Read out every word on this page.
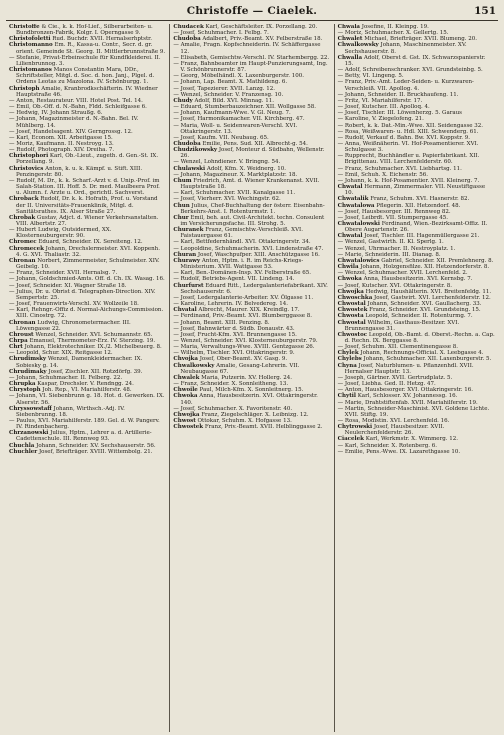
Christoffe — Ciaelek.	151
Christoffe & Cie., k. k. Hof-Lief., Silberarbeiten- u. Bundbronzen-Fabrik, Kolgr. I. Operngasse 9.
Christofoletti Rud. Buchdr. XVII. Hernalserhptstr.
Christomanno Em. R., Kassa-u. Contr., Secr. d. gr. orient. Gemeinde St. Georg. II. Mittlerbrunnstraße 9.
— Stefanie, Privat-Erbeinschule für Kundfkleiderei. II. Lilienbrunnog. 3.
Christomanos Manos Constantin Mara, DDr., Schriftsteller, Mitgl. d. Soc. d. hon. Janj., Plgel. d. Ordens Leotas zu Mazolona. IV. Schönburgg. 1.
Christoph Amalie, Kranbrodkschäfterin. IV. Wiedner Hauptstraße 46.
— Anton, Restaurateur. VIII. Hotel Post. Tel. 14.
— Emil, Ob.-Off. d. N.-Bahn, Fldd. Schleifgasse 6.
— Hedwig, IV. Johann Straußg. 6.
— Johann, Magazinmeister d. N.-Bahn. Bel. IV. Mühlberg. 14.
— Josef, Handelsagent. XIV. Gerngrossg. 12.
— Karl, Econom. XII. Arbeitgasse 15.
— Moriz, Kaufmann. II. Nestroyg. 13.
— Rudolf, Photograph. XIV. Dreiha. 7.
Christophori Karl, Ob.-Lieut., zugeth. d. Gen.-St. IX. Porzellang. 9.
Christovics Anton, k. u. k. Kämpf. u. Stift. XIII. Penzingerstr. 80.
— Rudolf, M. Dr., k. k. Scharf.-Arzt v. d. Unip.-Prof. im Salah-Station. III. Hoff. 5. Dr. med. Maulbeera Prof. u. Alumn. f. Arzte u. Ord., gerichtl. Sachverst.
Chroback Rudolf, Dr. k. k. Hofrath, Prof. u. Vorstand der II. Universitäts-Frauenklinik, Mitgl. d. Sanitätsrathes. IX. Alser Straße 27.
Chrobak Gustav, Adjct. d. Wiener Verkehrsanstalten. VIII. Albertstr. 27.
— Hubert Ludwig, Outsidermed, XX. Klosterneuburgerstr. 90.
Chromec Eduard, Schneider. IX. Sereiteng. 12.
Chromecek Johann, Drechslermeister. XVI. Koppenh. 4. G. XVI. Thaliastr. 32.
Chronan Norbert, Zimmermeister, Schulmeister. XIV. Geibelg. 10.
— Franz, Schneider. XVII. Hernalsg. 7.
— Johann, Goldschmied-Amts. Off. d. Ch. IX. Wasag. 16.
— Josef, Schneider. XI. Wagner Straße 18.
— Julius, Dr. u. Obrist d. Telegraphen-Direction. XIV. Sempertstr. 25.
— Josef, Frauenwirts-Verschl. XV. Wollzeile 18.
— Karl, Rehngr.-Offiz d. Normal-Aichungs-Commission. XIII. Cinostrg. 72.
Chronan Ludwig, Chronometermacher. III. Löwengasse 22.
Chroust Wenzel, Schneider. XVI. Schumannstr. 65.
Chrpa Emanuel, Thermometer-Erz. IV. Sterzing. 19.
Chrt Johann, Elektrotechniker. IX./2. Michelbeuerg. 8.
— Leopold, Schur. XIX. Reitgasse 12.
Chrudimsky Wenzel, Damenkleidermacher. IX. Sobiesky g. 14.
Chrudimaky Josef, Zischler. XII. Rotzdörfg. 39.
— Johann, Schuhmacher. II. Felberg. 22.
Chrupka Kaspar, Drechsler. V. Rendngg. 24.
Chrystoph Joh. Rep., VI. Mariahilferstr. 48.
— Johann, VI. Siebenbrunn g. 18. Hot. d. Gewerken. IX. Alserstr. 56.
Chryssowstaff Johann, Wirthsch.-Adj. IV. Siebenbrunng. 18.
— Paulus, XVI. Mariahilferstr. 189. Gel. d. W. Pangerv. IV. Rindenbacherg.
Chrzanowski Julius, Hptm., Lehrer a. d. Artillerie-Cadettenschule. III. Rennweg 93.
Chuchla Johann, Schneider. XV. Sechshauserstr. 56.
Chuchler Josef, Briefträger. XVIII. Wittembolg. 21.
Chudacek Karl, Geschäftsleiter. IX. Porzellang. 20.
— Josef, Schuhmacher. I. Felbg. 7.
Chudoba Adalbert, Priv.-Beamt. XV. Felberstraße 18.
— Amalie, Fragn. Kopfschneiderin. IV. Schäffergasse 12.
— Elisabeth, Gemischtw.-Verschl. IV. Starhembergg. 22.
— Franz, Bahnbeamter im Haupt-Punzierungsamt, Ing. V. Schönbrunnerstr. 87.
— Georg, Möbelhändl. X. Laxenburgerstr. 100.
— Johann, Lap. Beamt. X. Mathildeng. 6.
— Josef, Tapezierer. XVII. Lanzg. 12.
— Wenzel, Schneider. V. Franzensg. 10.
Chudy Adolf, Bild. XVI. Minnag. 11.
— Eduard, Stumberbauzeichner. XII. Wollgasse 58.
— Johann, Kaufmann-Wwe. V. Gl. Neug. 7.
— Josef, Harmonikamacher. VII. Kirchberg. 47.
— Maria, Woll- u. Seidenwaren-Verschl. XVI. Ottakringerstr. 13.
— Josef, Kaufm. VII. Neubaug. 65.
Chudoba Emilie, Pens. Sud. XII. Albrecht-g. 54.
Chudzikowsky Josef, Monteur d. Südbahn, Wellenstr. 26.
— Wenzel, Lohndiener. V. Bringng. 54.
Chulawski Adolf, Kfm. X. Weidnerg. 10.
— Johann, Magazineur. X. Marktplatzstr. 18.
Chum Friedrich, Amt. d. Wiener Krankenanst. XVII. Hauptstraße 18.
— Karl, Schuhmacher. XVII. Kanalgasse 11.
— Josef, Vierherr. XVI. Wechingstr. 62.
Chun Julius, Chef-Buchhaltung der österr. Eisenbahn-Berkehrs-Anst. I. Rotenturmstr. 1.
Chur Emil, beh. aut. Civil-Architekt. techn. Consulent im Versicherungsfache. III. Strohg. 5.
Churanek Franz, Gemischtw.-Verschleiß. XVI. Faistauergasse 61.
— Karl, Bettfedernhändl. XVI. Ottakringerstr. 34.
— Leopoldine, Schuhmacherin. XVI. Lindenstraße 47.
Churan Josef, Waschpufper. XIII. Anschützgasse 16.
Churawy Anton, Hptm. i. R. im Reichs-Kriegs-Ministerium. XVII. Wattgasse 53.
— Karl, Ben.-Domänen-Insp. XV. Felberstraße 65.
— Rudolf, Betriebs-Agent. VII. Lindeng. 14.
Churfurst Eduard Ritt., Ledergalanteriefabrikant. XIV. Sechshauserstr. 6.
— Josef, Ledergalanterie-Arbeiter. XV. Ölgasse 11.
— Karoline, Lehrerin. IV. Belvedereg. 14.
Chvatal Albrecht, Maurer. XIX. Kreindlg. 17.
— Ferdinand, Priv.-Beamt. XVI. Blumberggasse 8.
— Johann, Beamt. XIII. Penzing. 8.
— Josef, Bahnwärter d. Südb. Donaustr. 43.
— Josef, Frucht-Kfm. XVI. Brunnengasse 15.
— Wenzel, Schneider. XVI. Klosterneuburgerstr. 79.
— Maria, Verwaltungs-Wwe. XVIII. Gentzgasse 26.
— Wilhelm, Tischler. XVI. Ottakringerstr. 9.
Chvojka Josef, Ober-Beamt. XV. Gasg. 9.
Chwalkowsky Amalie, Gesang-Lehrerin. VII. Neubaugasse 67.
Chwalek Maria, Putzerin. XV. Hollerg. 24.
— Franz, Schneider. X. Sonnleitheng. 13.
Chwoile Paul, Milch-Kfm. X. Sonnleitnerg. 15.
Chwoka Anna, Hausbesitzerin. XVI. Ottakringerstr. 140.
— Josef, Schuhmacher. X. Favoritenstr. 40.
Chwojka Franz, Ziegelschläger. X. Leibnizg. 12.
Chwost Ottokar, Schuhm. X. Hofgasse 13.
Chwostek Franz, Priv.-Beamt. XVII. Helblinggasse 2.
Chwala Josefine, II. Kleinpg. 19.
— Moriz, Schuhmacher. X. Gellertg. 15.
Chwalet Michael, Briefträger. XVII. Blumeng. 20.
Chwalkowsky Johann, Maschinenmeister. XV. Sechshauserstr. 8.
Chwalla Adolf, Oberst d. Gst. IX. Schwarzspanierstr. 15.
— Adolf, Schreibenschranker. XVI. Grundsteinbg. 5.
— Betty, VI. Lingeng. 5.
— Franz, Priv.-Amt. Leder-Seiden- u. Kurzwaren-Verschleiß. VII. Apollog. 4.
— Johann, Schneider. II. Bruckhaufeng. 11.
— Fritz, VI. Mariahilferstr. 17.
— Josef, Kutscher. III. Apolloq. 4.
— Josef, Tischler. III. Löwenherzg. 5. Garaus
— Karoline, V. Ziegelofeng. 21.
— Robert, k. k. Dat.-Min.-Wwe. XII. Seidengasse 32.
— Rosa, Weißwaren- u. Hdl. XIII. Schwenderg. 61.
— Rudolf, Verkauf d. Bahn. Bw. XVI. Koppstr. 9.
— Anna, Weißnäherin. VI. Hof-Posamentierer. XVI. Schulgasse 3.
— Rupprecht, Buchhändler u. Papierfabrikant. XII. Brigittenau. VIII. Lerchenfelderstr. 60.
— Franz, Schuhmacher. XVI. Liebhartsg. 11.
— Emil, Schuh. X. Eichenstr. 56.
— Johann, k. k. Hof-Posamentier. XVII. Kleinerg. 7.
Chwatal Hermann, Zimmermaler. VII. Neustiftgasse 10.
Chwatalik Franz, Schuhm. XVI. Hasnerstr. 82.
Chwatalowa Pflegerin. XII. Hetzendorf. 48.
— Josef, Hausbesorger. III. Rennweg 82.
— Josef, Leibrdt. VII. Stumpergasse 45.
Chwatalowski Ferdinand, Wien.-Bezirksamt-Offiz. II. Obere Augartenstr. 26.
Chwatal Josef, Tischler. III. Hagenmüllergasse 21.
— Wenzel, Gastwirth. II. Kl. Sperlg. 1.
— Wenzel, Uhrmacher. II. Nestroyplatz. 1.
— Marie, Schneiderin. III. Dianag. 8.
Chwatalowics Gabriel, Schneider. XII. Premlehnerg. 8.
Chwila Johann, Holzgensfilze. XII. Hetzendorferstr. 8.
— Wenzel, Schuhmacher. XVII. Lerchenfeld. 2.
Chwoka Anna, Hausbesitzerin. XVI. Kernsbg. 7.
— Josef, Kutscher. XVI. Ottakringerstr. 8.
Chwojka Hedwig, Haushälterin. XVI. Breitenfeldg. 11.
Chwoschka Josef, Gastwirt. XVI. Lerchenfelderstr. 12.
Chwostal Johann, Schneider. XVI. Gaullacherg. 33.
Chwostek Franz, Schneider. XVI. Grundsteing. 15.
Chwosta Leopold, Schneider. II. Rotenturmg. 7.
Chwostal Wilhelm, Gasthaus-Besitzer. XVI. Brunnengasse 31.
Chwostoc Leopold, Ob.-Bamt. d. Oberst.-Rechn. a. Cap. d. Rechn. IX. Berggasse 8.
— Josef, Schuhm. XII. Clementinengasse 8.
Chylek Johann, Rechnungs-Official. X. Leebgasse 4.
Chylebs Johann, Schuhmacher. XII. Laxenburgerstr. 5.
Chyna Josef, Naturblumen- u. Pflanzenhdl. XVII. Hernalser Hauptstr. 13.
— Joseph, Gärtner. XVII. Gertrudplatz. 5.
— Josef, Liebha. Ged. II. Hetzg. 47.
— Anton, Hausbesorger. XVI. Ottakringerstr. 16.
Chytil Karl, Schlosser. XV. Johannessg. 16.
— Marie, Drahtstiftenfab. XVII. Mariahilferstr. 19.
— Martin, Schneider-Maschinist. XVI. Goldene Lichte. XVII. Stiftg. 19.
— Rosa, Modistin. XVI. Lerchenfeld. 16.
Chytrowski Josef, Hausbesitzer. XVII. Neulerchenfelderstr. 26.
Ciacelek Karl, Werkmstr. X. Wimmerg. 12.
— Karl, Schneider. X. Rotenberg. 6.
— Emilie, Pens.-Wwe. IX. Lazarethgasse 10.
